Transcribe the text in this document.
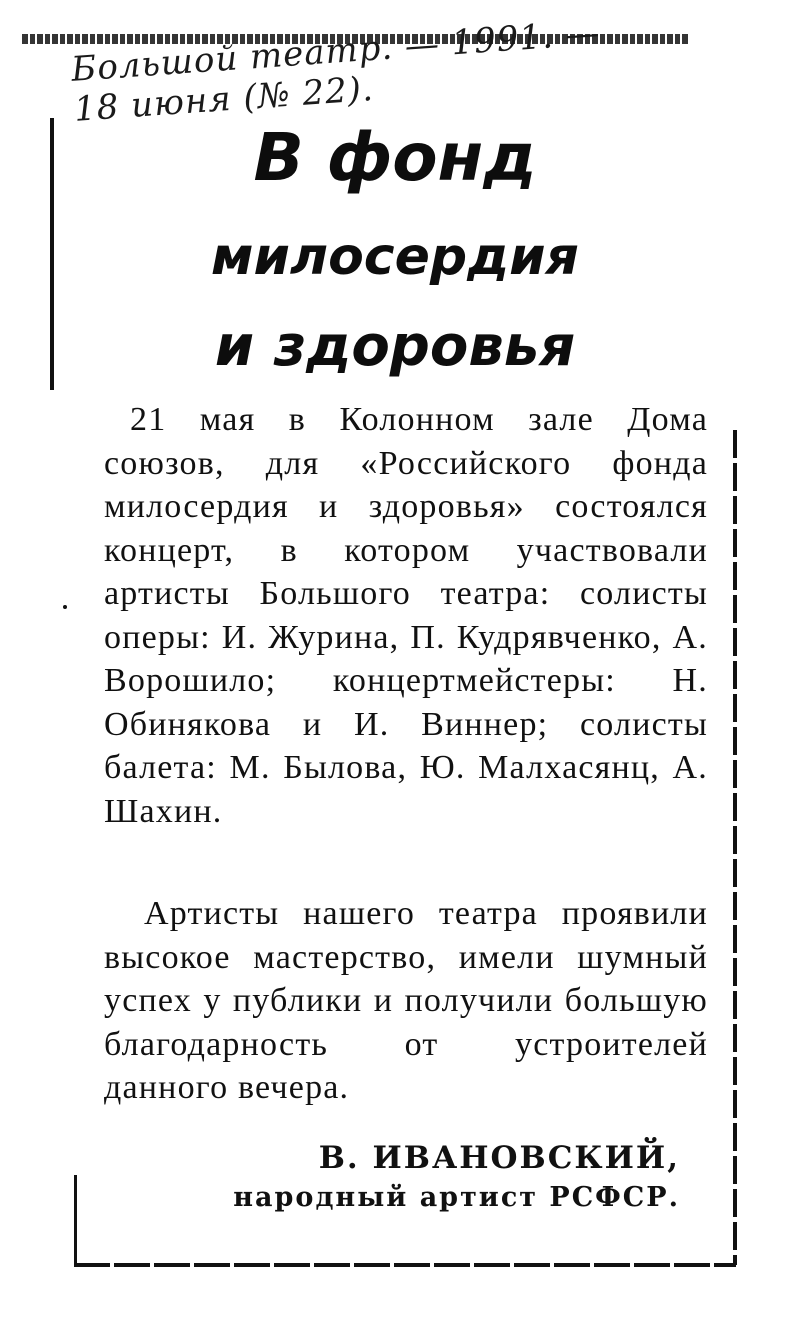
Большой театр. — 1991. —
18 июня (№ 22).
В фонд
милосердия
и здоровья
21 мая в Колонном зале Дома союзов, для «Российского фонда милосердия и здоровья» состоялся концерт, в котором участвовали артисты Большого театра: солисты оперы: И. Журина, П. Кудрявченко, А. Ворошило; концертмейстеры: Н. Обинякова и И. Виннер; солисты балета: М. Былова, Ю. Малхасянц, А. Шахин.
Артисты нашего театра проявили высокое мастерство, имели шумный успех у публики и получили большую благодарность от устроителей данного вечера.
В. ИВАНОВСКИЙ,
народный артист РСФСР.
